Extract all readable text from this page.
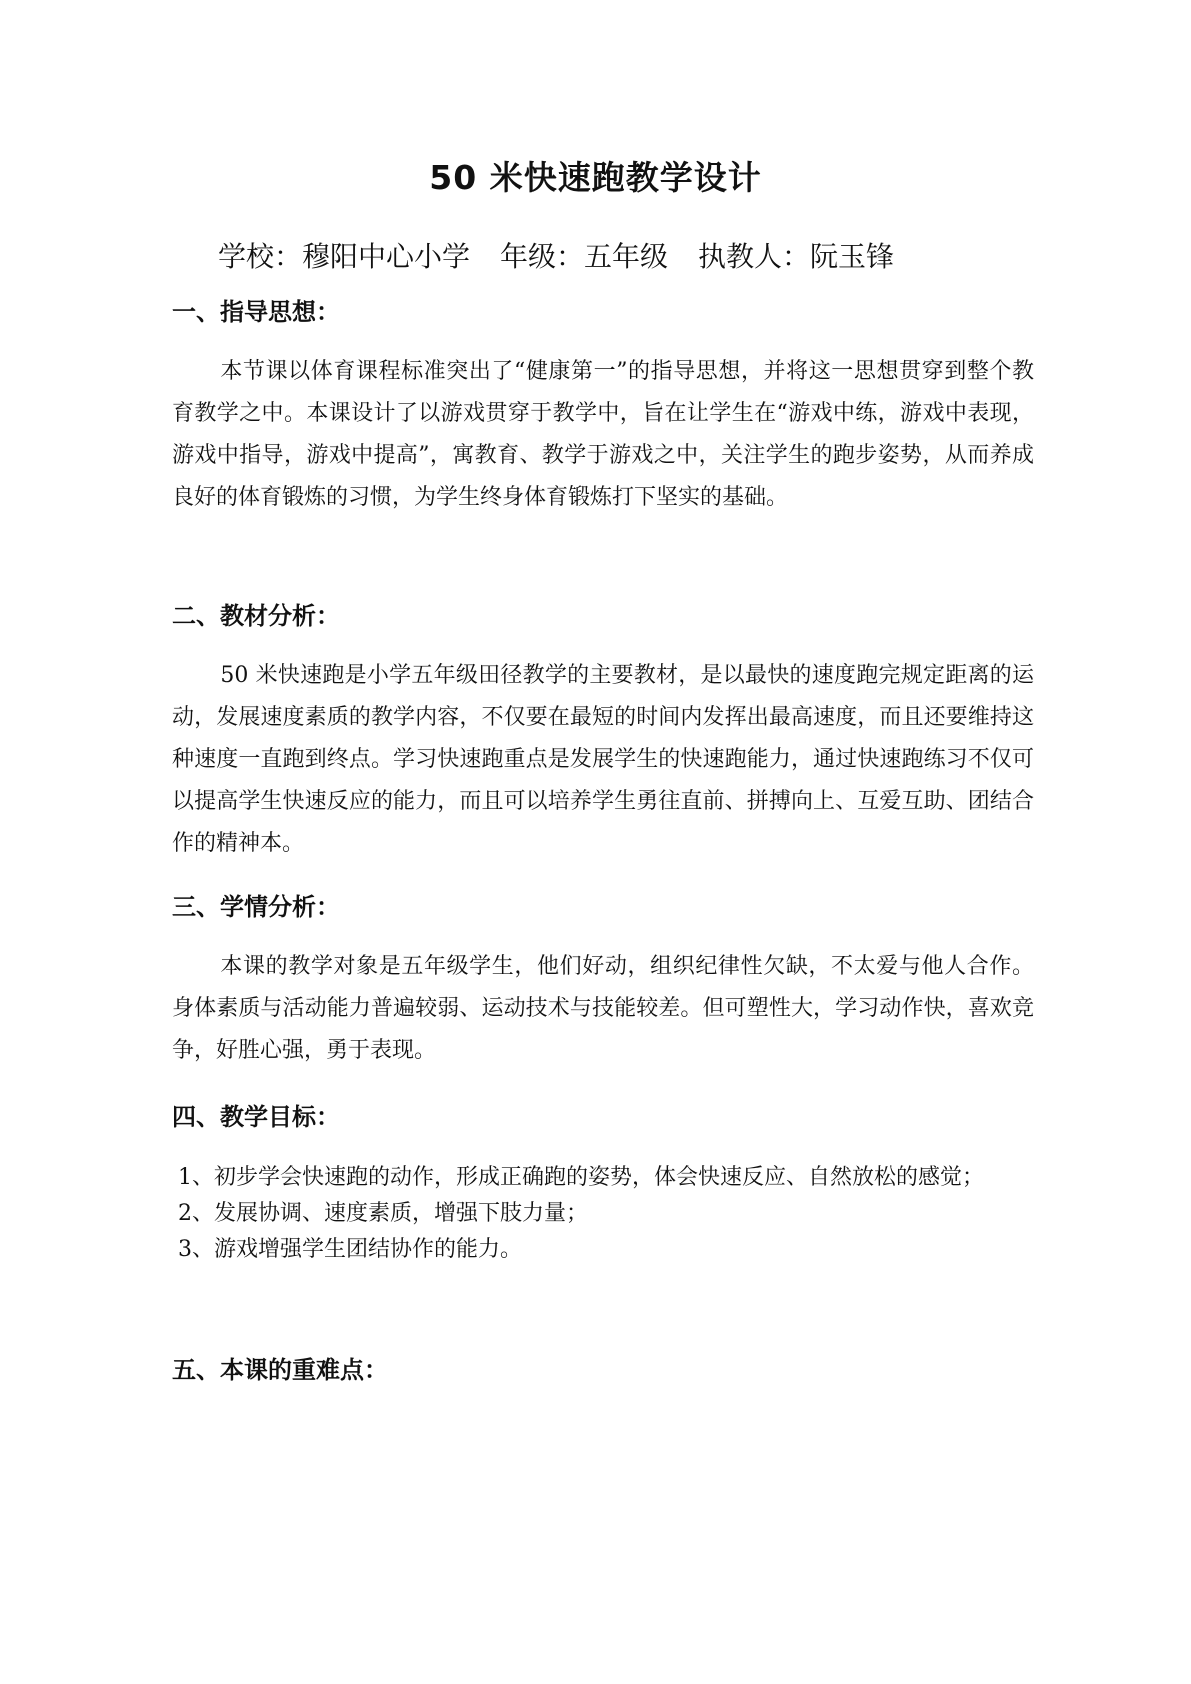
50 米快速跑教学设计
学校：穆阳中心小学 年级：五年级 执教人：阮玉锋
一、指导思想：
本节课以体育课程标准突出了“健康第一”的指导思想，并将这一思想贯穿到整个教育教学之中。本课设计了以游戏贯穿于教学中，旨在让学生在“游戏中练，游戏中表现，游戏中指导，游戏中提高”，寓教育、教学于游戏之中，关注学生的跑步姿势，从而养成良好的体育锻炼的习惯，为学生终身体育锻炼打下坚实的基础。
二、教材分析：
50 米快速跑是小学五年级田径教学的主要教材，是以最快的速度跑完规定距离的运动，发展速度素质的教学内容，不仅要在最短的时间内发挥出最高速度，而且还要维持这种速度一直跑到终点。学习快速跑重点是发展学生的快速跑能力，通过快速跑练习不仅可以提高学生快速反应的能力，而且可以培养学生勇往直前、拼搏向上、互爱互助、团结合作的精神本。
三、学情分析：
本课的教学对象是五年级学生，他们好动，组织纪律性欠缺，不太爱与他人合作。身体素质与活动能力普遍较弱、运动技术与技能较差。但可塑性大，学习动作快，喜欢竞争，好胜心强，勇于表现。
四、教学目标：
1、初步学会快速跑的动作，形成正确跑的姿势，体会快速反应、自然放松的感觉；
2、发展协调、速度素质，增强下肢力量；
3、游戏增强学生团结协作的能力。
五、本课的重难点：
